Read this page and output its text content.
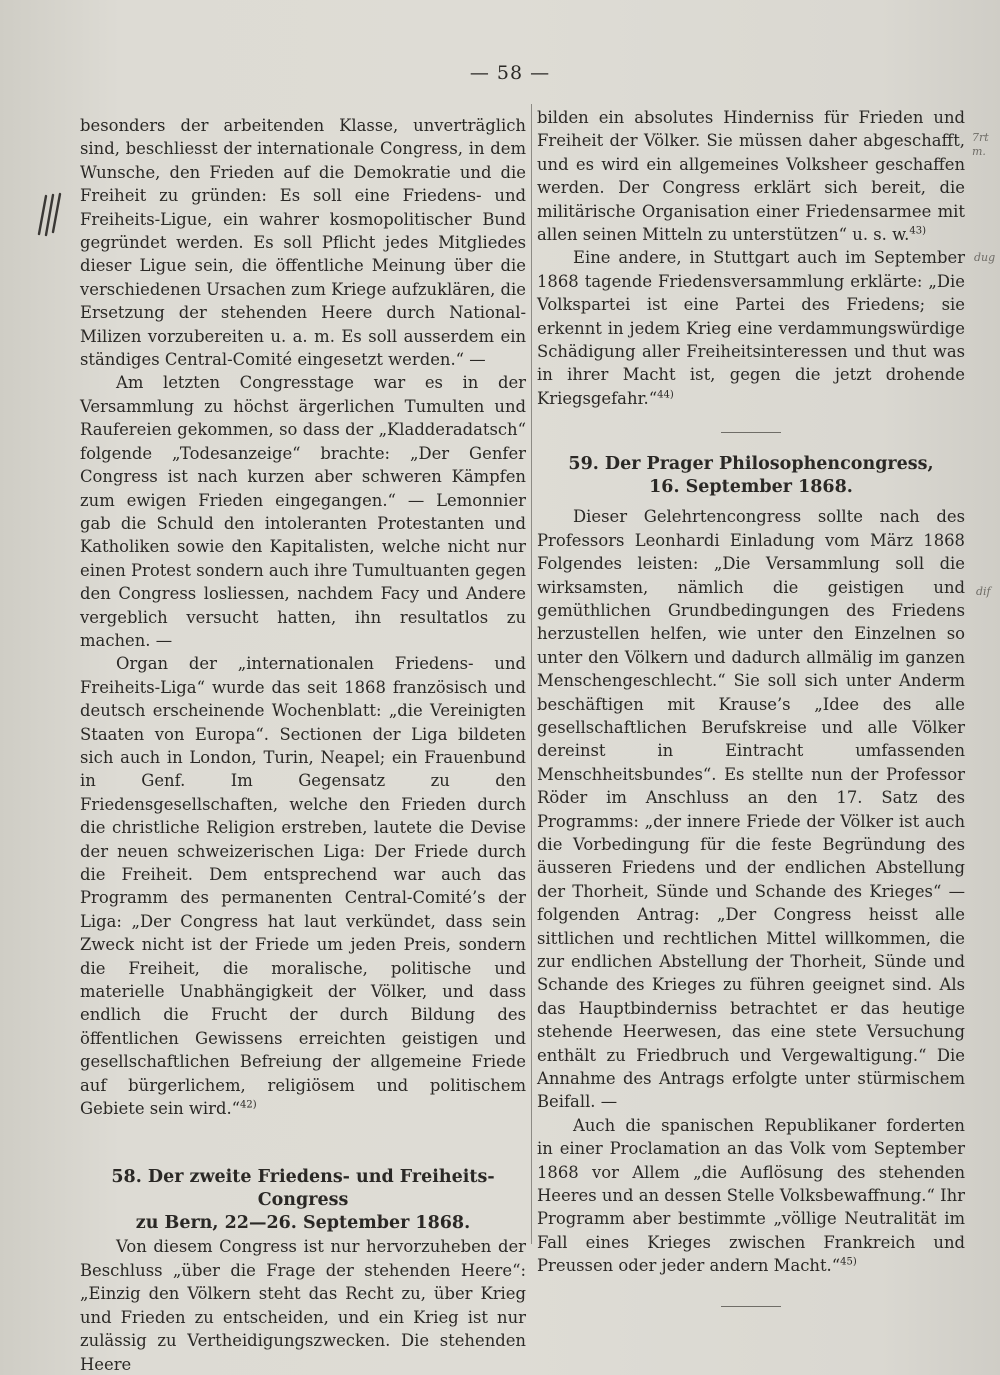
— 58 —

besonders der arbeitenden Klasse, unverträglich sind, beschliesst der internationale Congress, in dem Wunsche, den Frieden auf die Demokratie und die Freiheit zu gründen: Es soll eine Friedens- und Freiheits-Ligue, ein wahrer kosmopolitischer Bund gegründet werden. Es soll Pflicht jedes Mitgliedes dieser Ligue sein, die öffentliche Meinung über die verschiedenen Ursachen zum Kriege aufzuklären, die Ersetzung der stehenden Heere durch National-Milizen vorzubereiten u. a. m. Es soll ausserdem ein ständiges Central-Comité eingesetzt werden.“ —

Am letzten Congresstage war es in der Versammlung zu höchst ärgerlichen Tumulten und Raufereien gekommen, so dass der „Kladderadatsch“ folgende „Todesanzeige“ brachte: „Der Genfer Congress ist nach kurzen aber schweren Kämpfen zum ewigen Frieden eingegangen.“ — Lemonnier gab die Schuld den intoleranten Protestanten und Katholiken sowie den Kapitalisten, welche nicht nur einen Protest sondern auch ihre Tumultuanten gegen den Congress losliessen, nachdem Facy und Andere vergeblich versucht hatten, ihn resultatlos zu machen. —

Organ der „internationalen Friedens- und Freiheits-Liga“ wurde das seit 1868 französisch und deutsch erscheinende Wochenblatt: „die Vereinigten Staaten von Europa“. Sectionen der Liga bildeten sich auch in London, Turin, Neapel; ein Frauenbund in Genf. Im Gegensatz zu den Friedensgesellschaften, welche den Frieden durch die christliche Religion erstreben, lautete die Devise der neuen schweizerischen Liga: Der Friede durch die Freiheit. Dem entsprechend war auch das Programm des permanenten Central-Comité’s der Liga: „Der Congress hat laut verkündet, dass sein Zweck nicht ist der Friede um jeden Preis, sondern die Freiheit, die moralische, politische und materielle Unabhängigkeit der Völker, und dass endlich die Frucht der durch Bildung des öffentlichen Gewissens erreichten geistigen und gesellschaftlichen Befreiung der allgemeine Friede auf bürgerlichem, religiösem und politischem Gebiete sein wird.“$^{42)}$

58. Der zweite Friedens- und Freiheits-Congress

zu Bern, 22—26. September 1868.

Von diesem Congress ist nur hervorzuheben der Beschluss „über die Frage der stehenden Heere“: „Einzig den Völkern steht das Recht zu, über Krieg und Frieden zu entscheiden, und ein Krieg ist nur zulässig zu Vertheidigungszwecken. Die stehenden Heere

bilden ein absolutes Hinderniss für Frieden und Freiheit der Völker. Sie müssen daher abgeschafft, und es wird ein allgemeines Volksheer geschaffen werden. Der Congress erklärt sich bereit, die militärische Organisation einer Friedensarmee mit allen seinen Mitteln zu unterstützen“ u. s. w.$^{43)}$

Eine andere, in Stuttgart auch im September 1868 tagende Friedensversammlung erklärte: „Die Volkspartei ist eine Partei des Friedens; sie erkennt in jedem Krieg eine verdammungswürdige Schädigung aller Freiheitsinteressen und thut was in ihrer Macht ist, gegen die jetzt drohende Kriegsgefahr.“$^{44)}$

59. Der Prager Philosophencongress,

16. September 1868.

Dieser Gelehrtencongress sollte nach des Professors Leonhardi Einladung vom März 1868 Folgendes leisten: „Die Versammlung soll die wirksamsten, nämlich die geistigen und gemüthlichen Grundbedingungen des Friedens herzustellen helfen, wie unter den Einzelnen so unter den Völkern und dadurch allmälig im ganzen Menschengeschlecht.“ Sie soll sich unter Anderm beschäftigen mit Krause’s „Idee des alle gesellschaftlichen Berufskreise und alle Völker dereinst in Eintracht umfassenden Menschheitsbundes“. Es stellte nun der Professor Röder im Anschluss an den 17. Satz des Programms: „der innere Friede der Völker ist auch die Vorbedingung für die feste Begründung des äusseren Friedens und der endlichen Abstellung der Thorheit, Sünde und Schande des Krieges“ — folgenden Antrag: „Der Congress heisst alle sittlichen und rechtlichen Mittel willkommen, die zur endlichen Abstellung der Thorheit, Sünde und Schande des Krieges zu führen geeignet sind. Als das Hauptbinderniss betrachtet er das heutige stehende Heerwesen, das eine stete Versuchung enthält zu Friedbruch und Vergewaltigung.“ Die Annahme des Antrags erfolgte unter stürmischem Beifall. —

Auch die spanischen Republikaner forderten in einer Proclamation an das Volk vom September 1868 vor Allem „die Auflösung des stehenden Heeres und an dessen Stelle Volksbewaffnung.“ Ihr Programm aber bestimmte „völlige Neutralität im Fall eines Krieges zwischen Frankreich und Preussen oder jeder andern Macht.“$^{45)}$

7rt
m.
dug
dif
